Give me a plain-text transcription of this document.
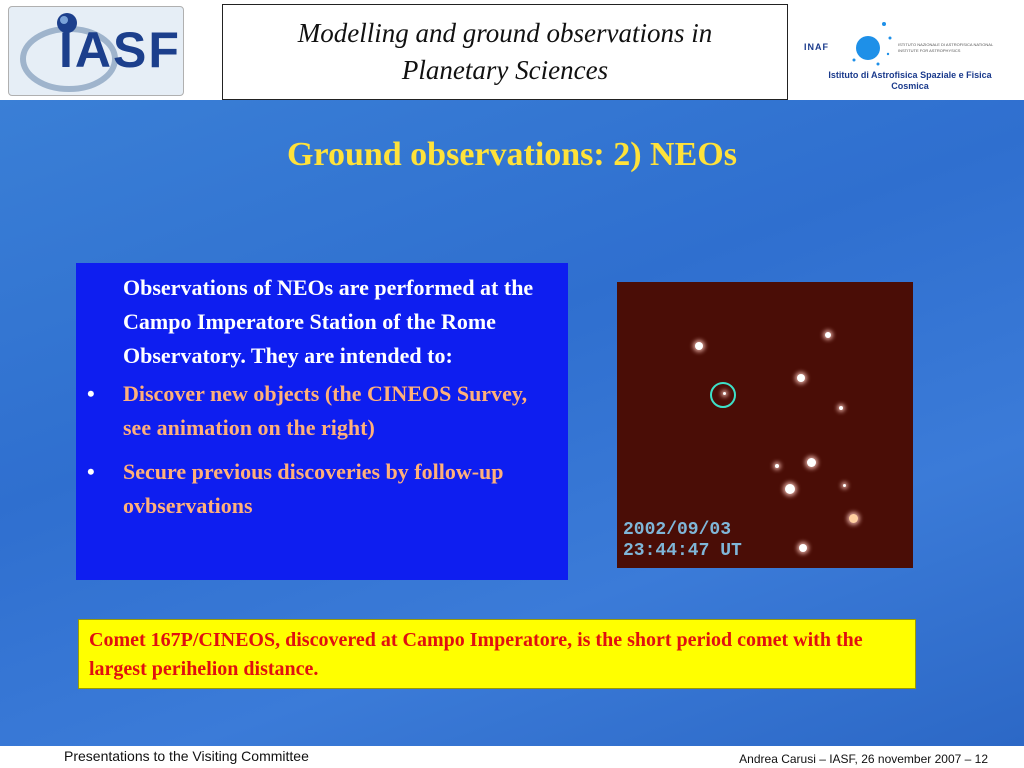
IASF	Modelling and ground observations in Planetary Sciences
INAF	ISTITUTO NAZIONALE DI ASTROFISICA NATIONAL INSTITUTE FOR ASTROPHYSICS
Istituto di Astrofisica Spaziale e Fisica Cosmica
Ground observations: 2) NEOs

Observations of NEOs are performed at the Campo Imperatore Station of the Rome Observatory. They are intended to:

• Discover new objects (the CINEOS Survey, see animation on the right)

• Secure previous discoveries by follow-up ovbservations

2002/09/03
23:44:47 UT
Comet 167P/CINEOS, discovered at Campo Imperatore, is the short period comet with the largest perihelion distance.
Presentations to the Visiting Committee	Andrea Carusi – IASF, 26 november 2007 – 12
